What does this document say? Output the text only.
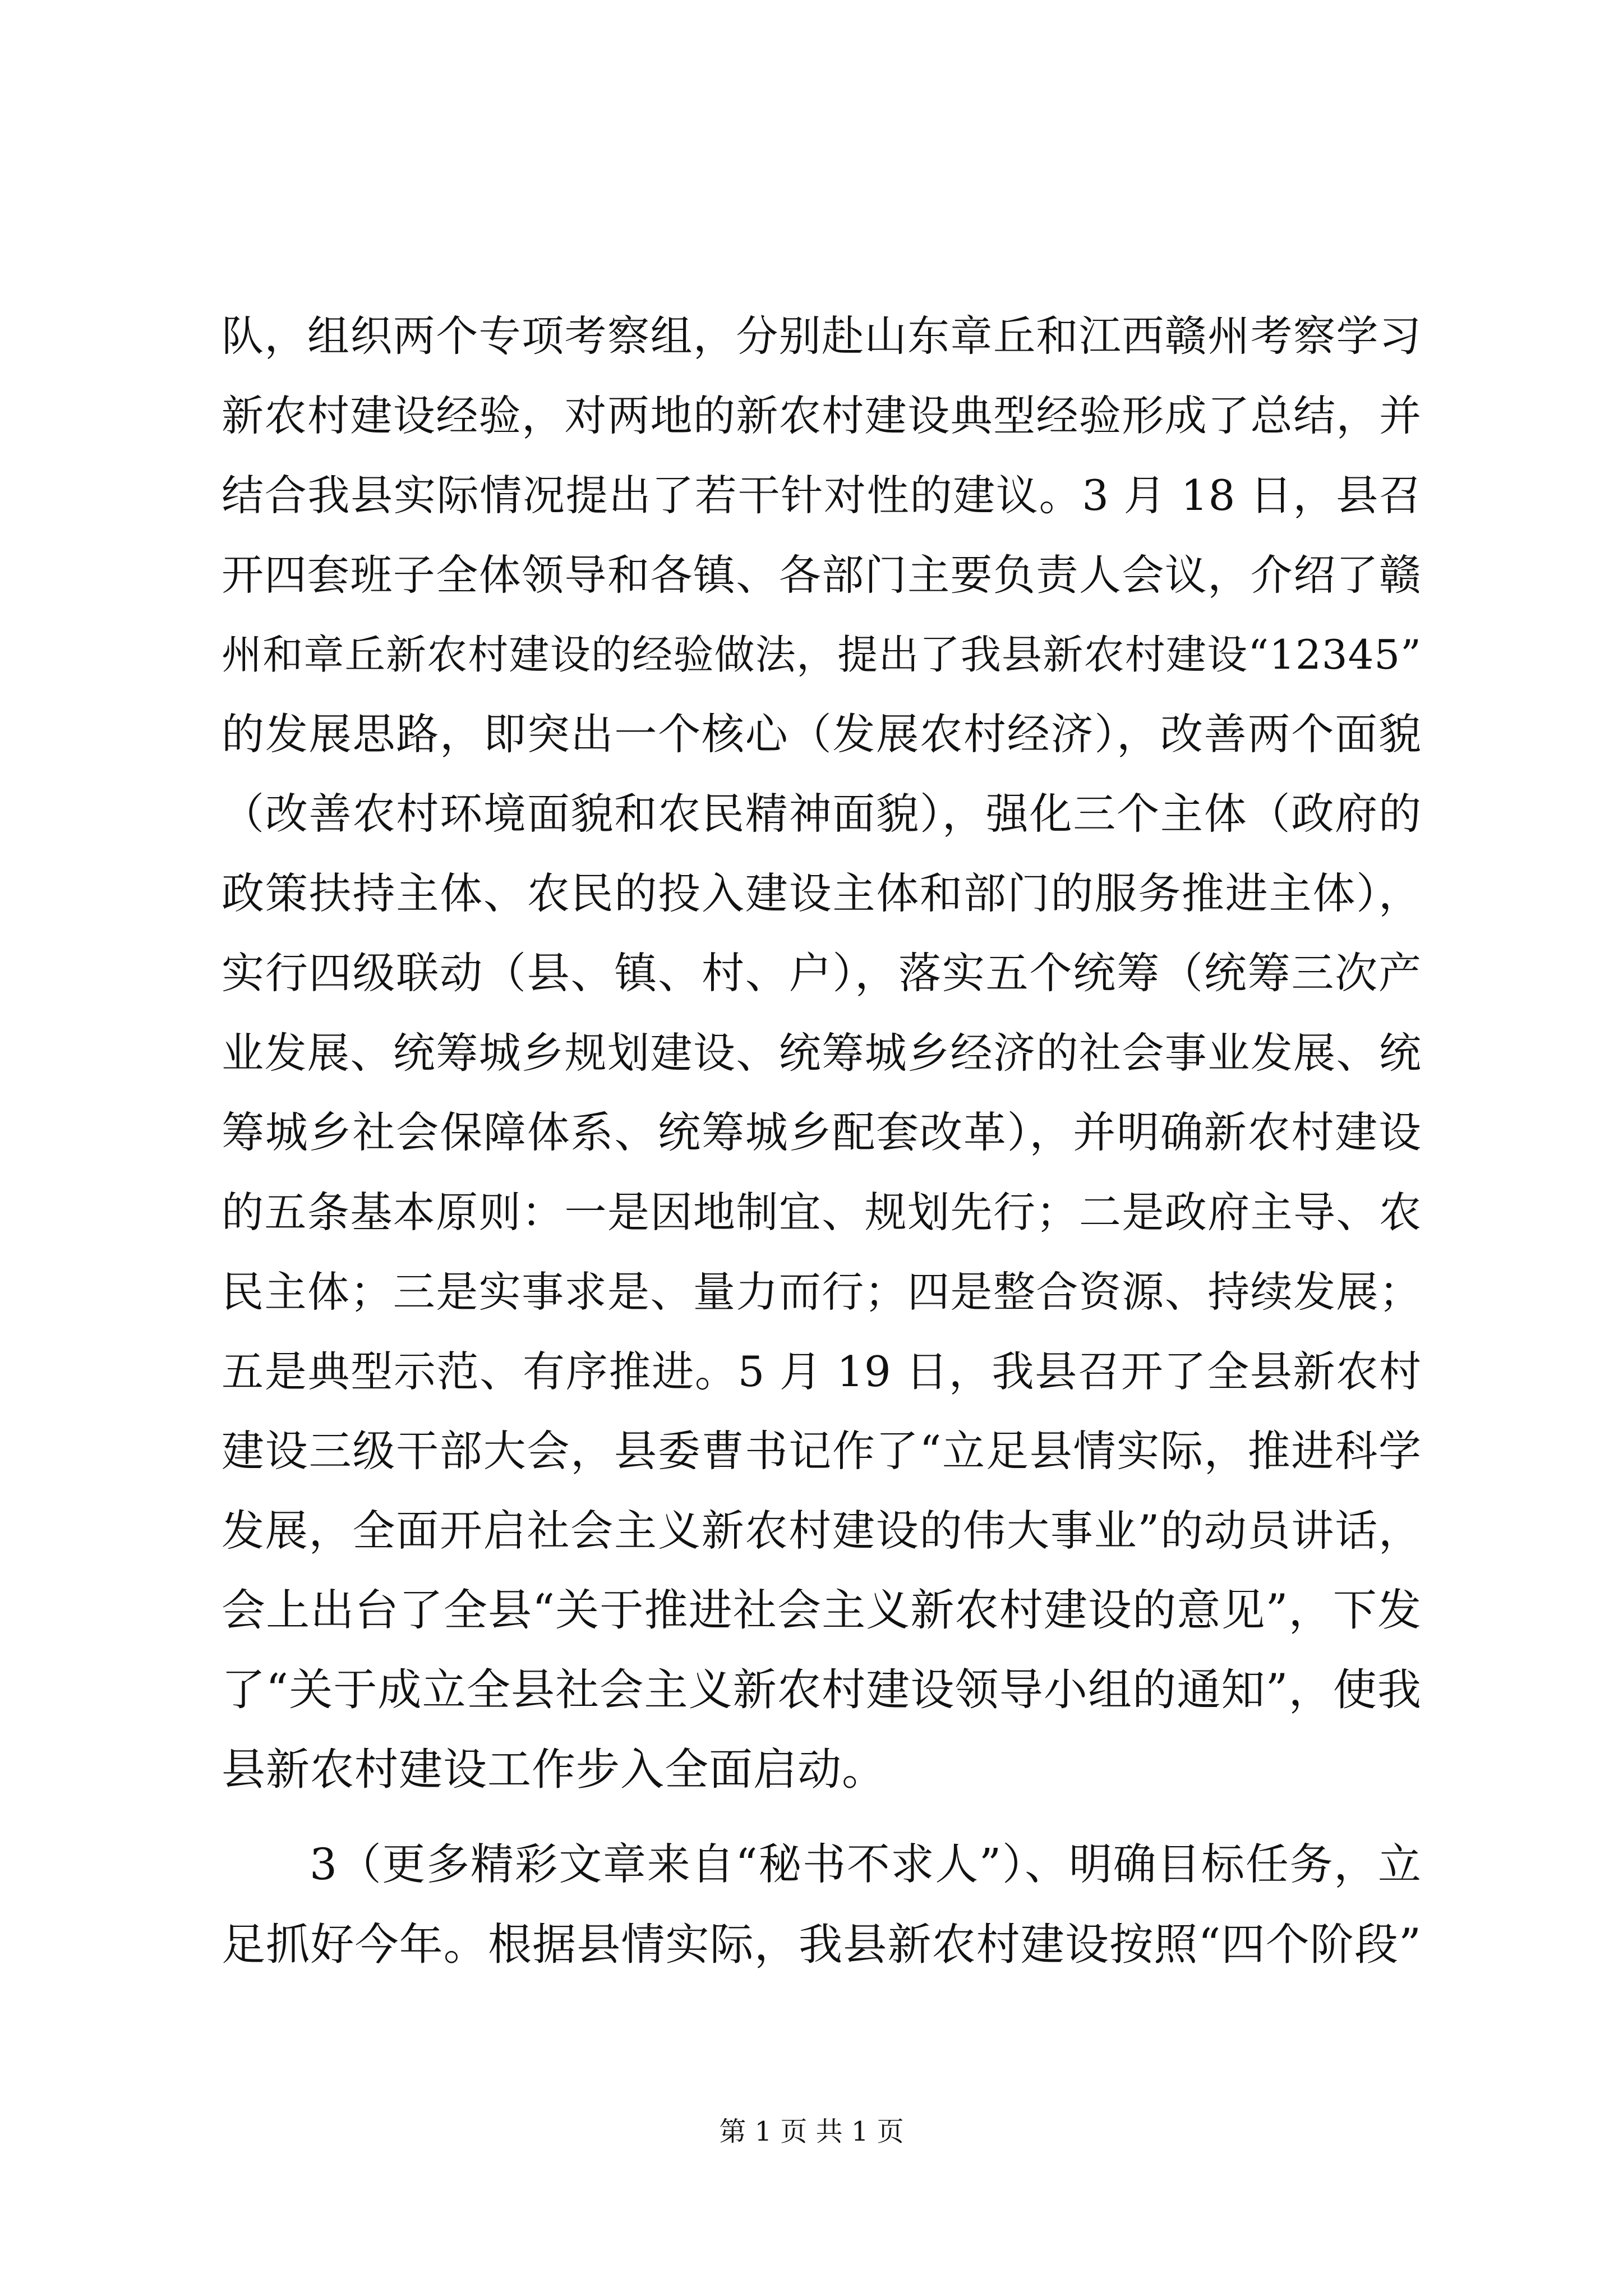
队，组织两个专项考察组，分别赴山东章丘和江西赣州考察学习
新农村建设经验，对两地的新农村建设典型经验形成了总结，并
结合我县实际情况提出了若干针对性的建议。3 月 18 日，县召
开四套班子全体领导和各镇、各部门主要负责人会议，介绍了赣
州和章丘新农村建设的经验做法，提出了我县新农村建设“12345”
的发展思路，即突出一个核心（发展农村经济），改善两个面貌
（改善农村环境面貌和农民精神面貌），强化三个主体（政府的
政策扶持主体、农民的投入建设主体和部门的服务推进主体），
实行四级联动（县、镇、村、户），落实五个统筹（统筹三次产
业发展、统筹城乡规划建设、统筹城乡经济的社会事业发展、统
筹城乡社会保障体系、统筹城乡配套改革），并明确新农村建设
的五条基本原则：一是因地制宜、规划先行；二是政府主导、农
民主体；三是实事求是、量力而行；四是整合资源、持续发展；
五是典型示范、有序推进。5 月 19 日，我县召开了全县新农村
建设三级干部大会，县委曹书记作了“立足县情实际，推进科学
发展，全面开启社会主义新农村建设的伟大事业”的动员讲话，
会上出台了全县“关于推进社会主义新农村建设的意见”，下发
了“关于成立全县社会主义新农村建设领导小组的通知”，使我
县新农村建设工作步入全面启动。
3（更多精彩文章来自“秘书不求人”）、明确目标任务，立
足抓好今年。根据县情实际，我县新农村建设按照“四个阶段”
第 1 页 共 1 页
